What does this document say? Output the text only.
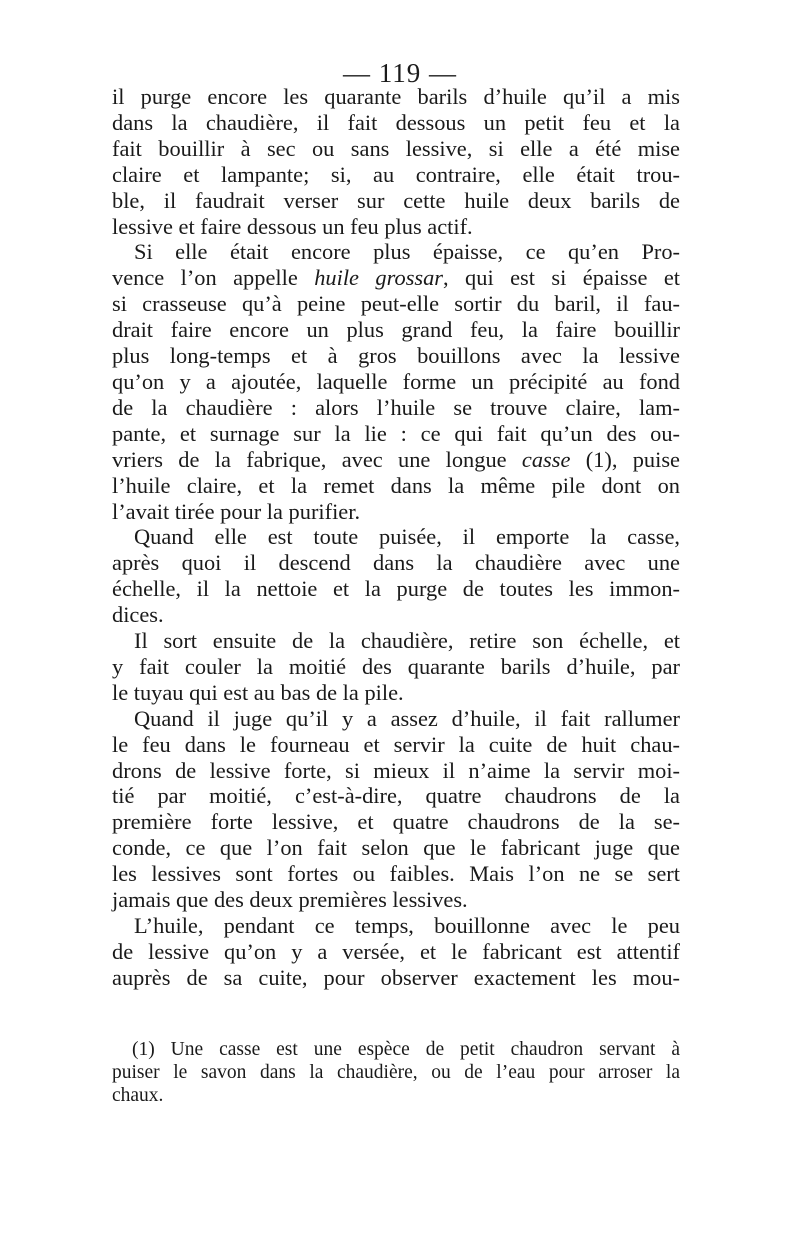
— 119 —
il purge encore les quarante barils d’huile qu’il a mis
dans la chaudière, il fait dessous un petit feu et la
fait bouillir à sec ou sans lessive, si elle a été mise
claire et lampante; si, au contraire, elle était trou-
ble, il faudrait verser sur cette huile deux barils de
lessive et faire dessous un feu plus actif.
Si elle était encore plus épaisse, ce qu’en Pro-
vence l’on appelle huile grossar, qui est si épaisse et
si crasseuse qu’à peine peut-elle sortir du baril, il fau-
drait faire encore un plus grand feu, la faire bouillir
plus long-temps et à gros bouillons avec la lessive
qu’on y a ajoutée, laquelle forme un précipité au fond
de la chaudière : alors l’huile se trouve claire, lam-
pante, et surnage sur la lie : ce qui fait qu’un des ou-
vriers de la fabrique, avec une longue casse (1), puise
l’huile claire, et la remet dans la même pile dont on
l’avait tirée pour la purifier.
Quand elle est toute puisée, il emporte la casse,
après quoi il descend dans la chaudière avec une
échelle, il la nettoie et la purge de toutes les immon-
dices.
Il sort ensuite de la chaudière, retire son échelle, et
y fait couler la moitié des quarante barils d’huile, par
le tuyau qui est au bas de la pile.
Quand il juge qu’il y a assez d’huile, il fait rallumer
le feu dans le fourneau et servir la cuite de huit chau-
drons de lessive forte, si mieux il n’aime la servir moi-
tié par moitié, c’est-à-dire, quatre chaudrons de la
première forte lessive, et quatre chaudrons de la se-
conde, ce que l’on fait selon que le fabricant juge que
les lessives sont fortes ou faibles. Mais l’on ne se sert
jamais que des deux premières lessives.
L’huile, pendant ce temps, bouillonne avec le peu
de lessive qu’on y a versée, et le fabricant est attentif
auprès de sa cuite, pour observer exactement les mou-
(1) Une casse est une espèce de petit chaudron servant à
puiser le savon dans la chaudière, ou de l’eau pour arroser la
chaux.
